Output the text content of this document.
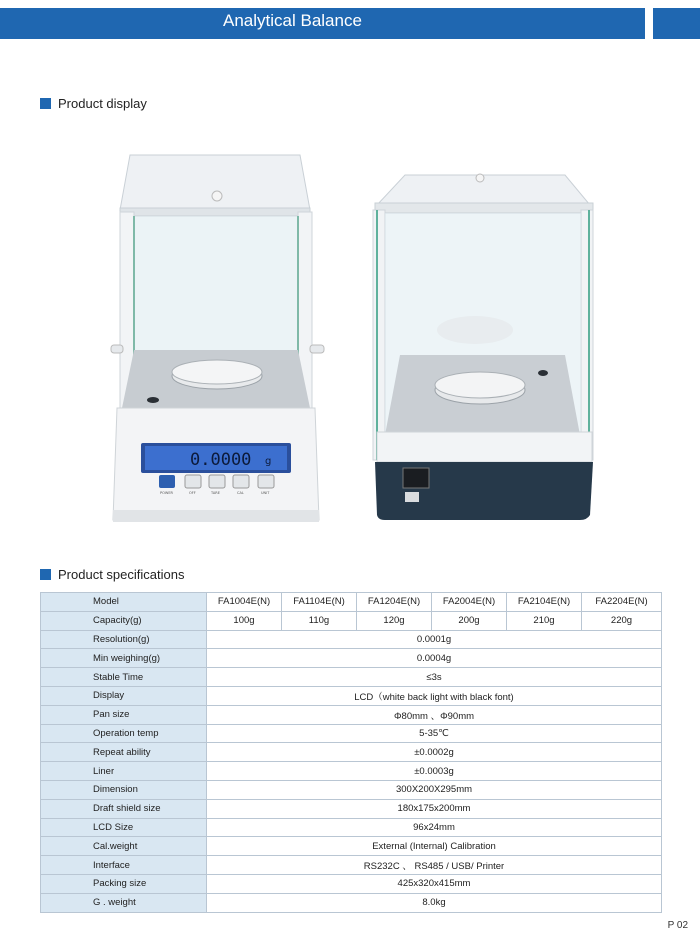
Analytical Balance
Product display
0.0000 g
POWER	OFF	TARE	CAL	UNIT
Product specifications
Model	FA1004E(N)	FA1104E(N)	FA1204E(N)	FA2004E(N)	FA2104E(N)	FA2204E(N)
Capacity(g)	100g	110g	120g	200g	210g	220g
Resolution(g)	0.0001g					
Min weighing(g)	0.0004g					
Stable Time	≤3s					
Display	LCD（white back light with black font)					
Pan size	Φ80mm 、Φ90mm					
Operation temp	5-35℃					
Repeat ability	±0.0002g					
Liner	±0.0003g					
Dimension	300X200X295mm					
Draft shield size	180x175x200mm					
LCD Size	96x24mm					
Cal.weight	External (Internal) Calibration					
Interface	RS232C 、 RS485 / USB/ Printer					
Packing size	425x320x415mm					
G . weight	8.0kg					
P 02
